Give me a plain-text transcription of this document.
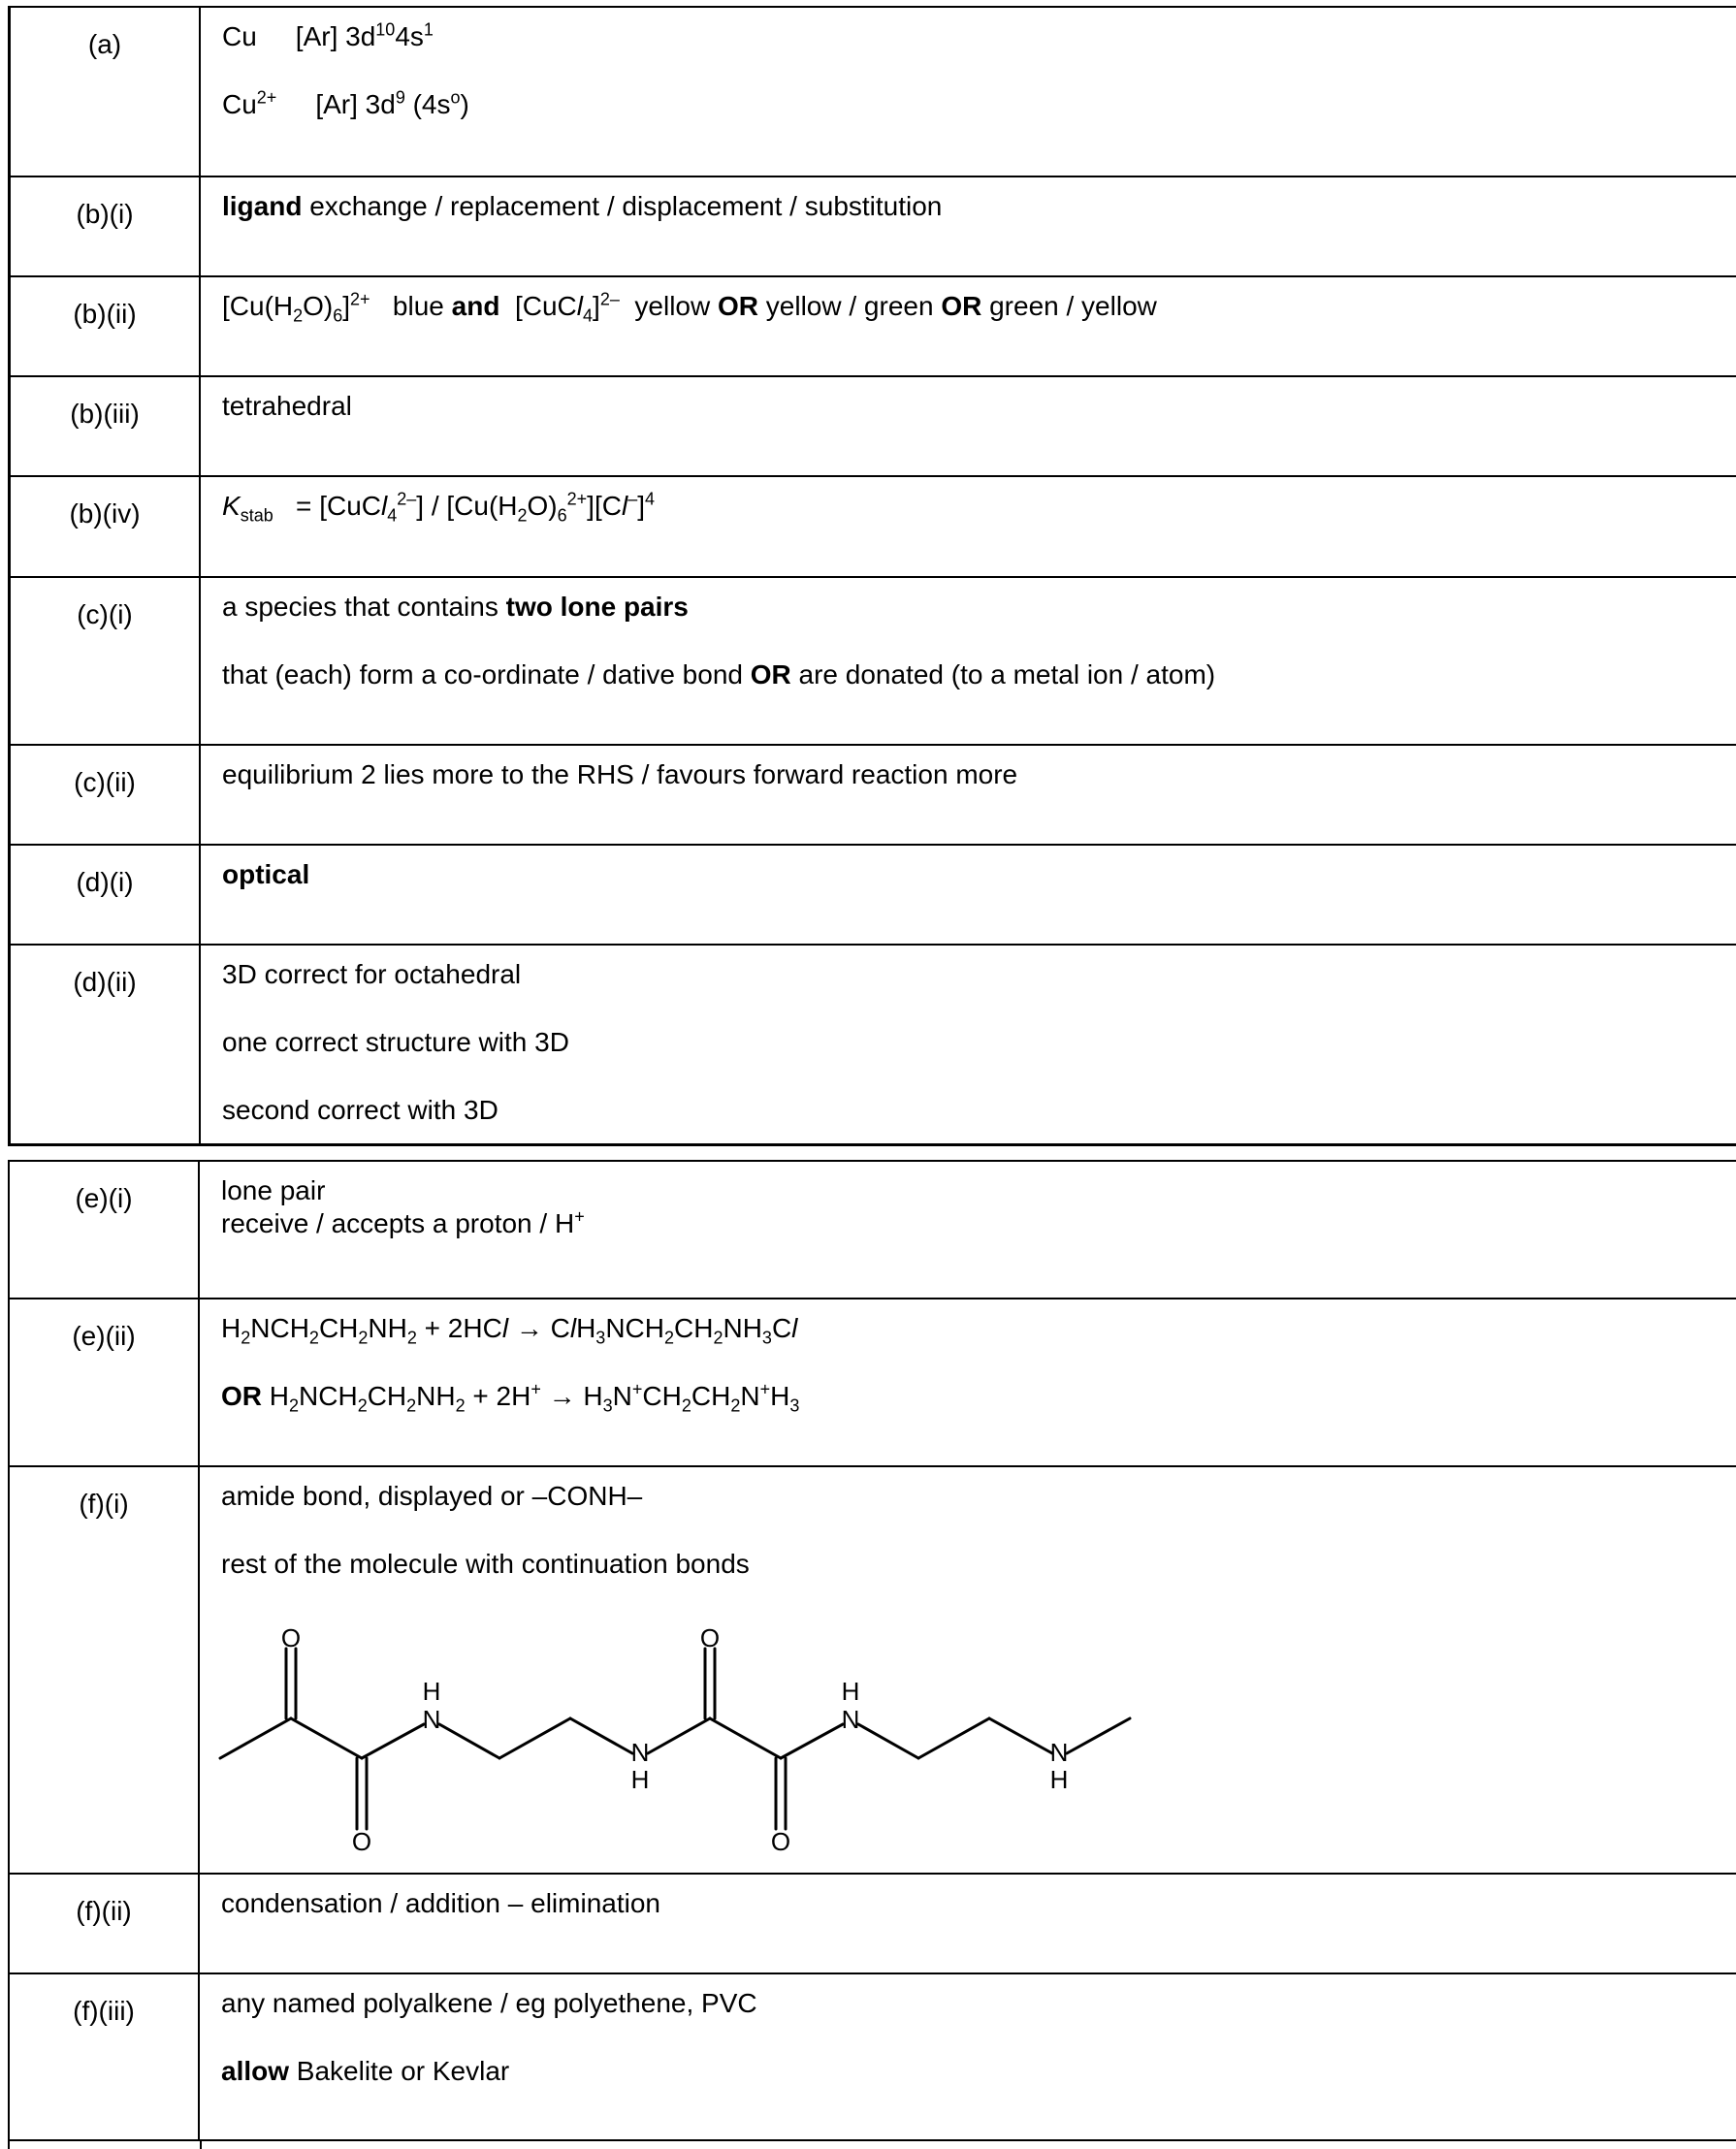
(a)	Cu [Ar] $3d^{10}4s^1$
$Cu^{2+}$ [Ar] $3d^9$ $(4s^o)$
(b)(i)	ligand exchange / replacement / displacement / substitution
(b)(ii)	$[Cu(H_2O)_6]^{2+}$   blue and  [CuCl$_4$]$^{2-}$  yellow OR yellow / green OR green / yellow
(b)(iii)	tetrahedral
(b)(iv)	$K_{stab}$   = [CuCl$_4^{2-}$] / $[Cu(H_2O)_6^{2+}][Cl^-]^4$
(c)(i)	a species that contains two lone pairs
that (each) form a co-ordinate / dative bond OR are donated (to a metal ion / atom)
(c)(ii)	equilibrium 2 lies more to the RHS / favours forward reaction more
(d)(i)	optical
(d)(ii)	3D correct for octahedral
one correct structure with 3D
second correct with 3D
(e)(i)	lone pair
receive / accepts a proton / H+
(e)(ii)	$H_2NCH_2CH_2NH_2 + 2HCl \to ClH_3NCH_2CH_2NH_3Cl$
OR $H_2NCH_2CH_2NH_2 + 2H^+ \to H_3N^+CH_2CH_2N^+H_3$
(f)(i)	amide bond, displayed or –CONH–
rest of the molecule with continuation bonds
(f)(ii)	condensation / addition – elimination
(f)(iii)	any named polyalkene / eg polyethene, PVC
allow Bakelite or Kevlar
O
O
H
N
N
H
O
O
H
N
N
H
